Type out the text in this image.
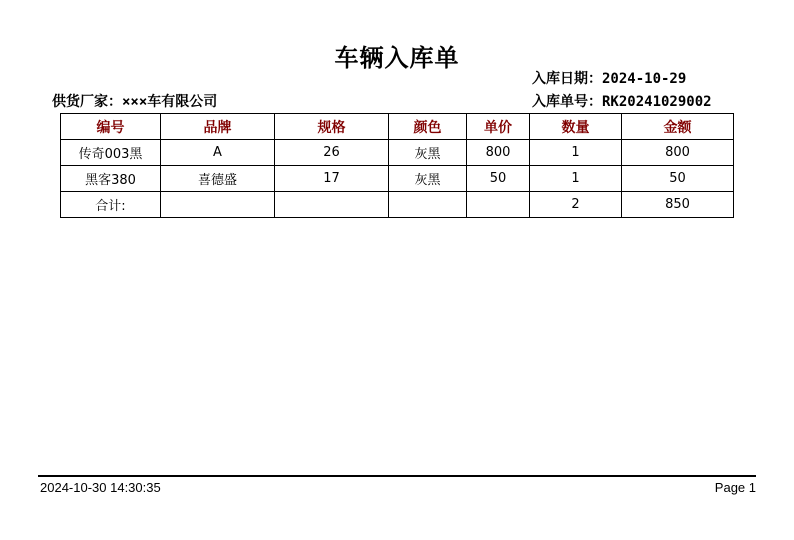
车辆入库单
入库日期：2024-10-29
供货厂家：×××车有限公司	入库单号：RK20241029002
编号	品牌	规格	颜色	单价	数量	金额
传奇003黑	A	26	灰黑	800	1	800
黑客380	喜德盛	17	灰黑	50	1	50
合计:					2	850
2024-10-30 14:30:35	Page 1
